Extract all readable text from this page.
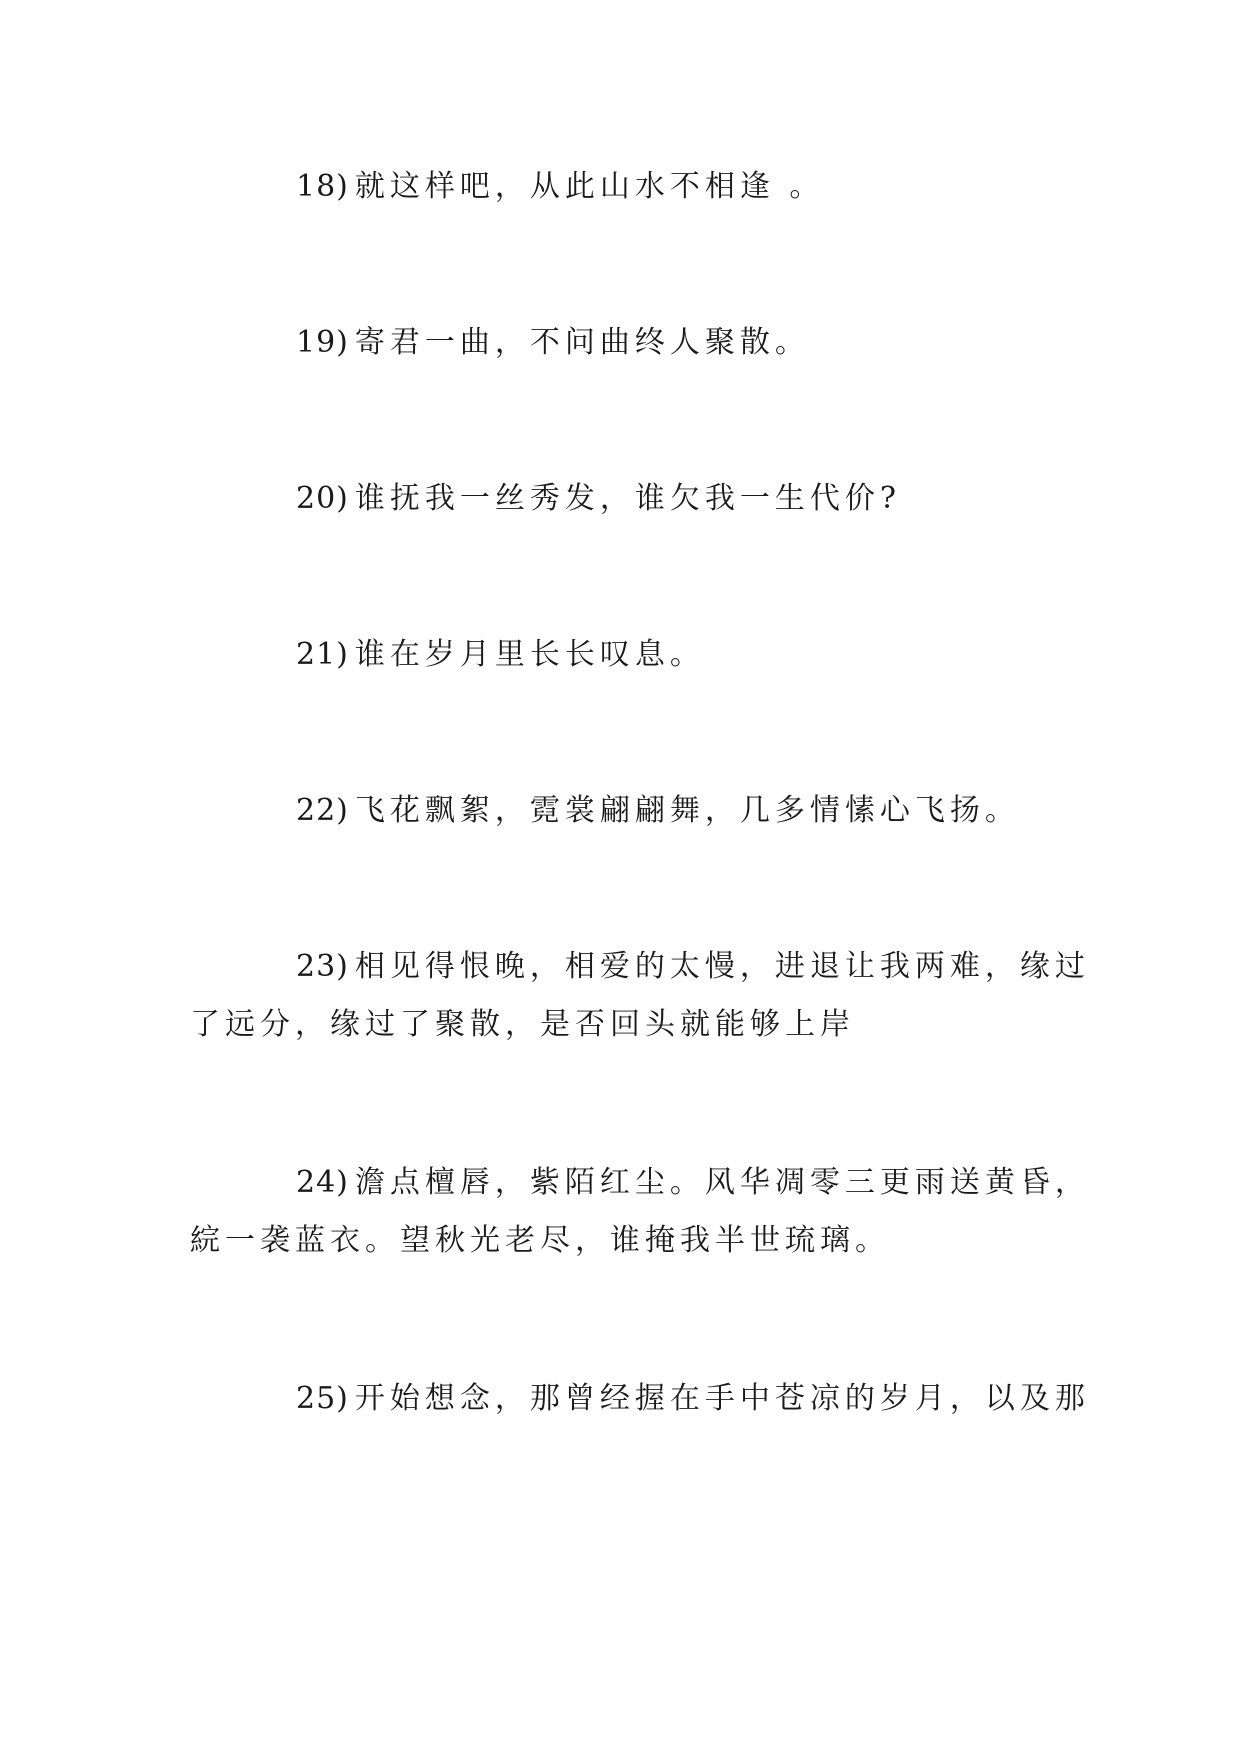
18) 就这样吧，从此山水不相逢 。
19) 寄君一曲，不问曲终人聚散。
20) 谁抚我一丝秀发，谁欠我一生代价?
21) 谁在岁月里长长叹息。
22) 飞花飘絮，霓裳翩翩舞，几多情愫心飞扬。
23) 相见得恨晚，相爱的太慢，进退让我两难，缘过
了远分，缘过了聚散，是否回头就能够上岸
24) 澹点檀唇，紫陌红尘。风华凋零三更雨送黄昏，
綄一袭蓝衣。望秋光老尽，谁掩我半世琉璃。
25) 开始想念，那曾经握在手中苍凉的岁月，以及那
